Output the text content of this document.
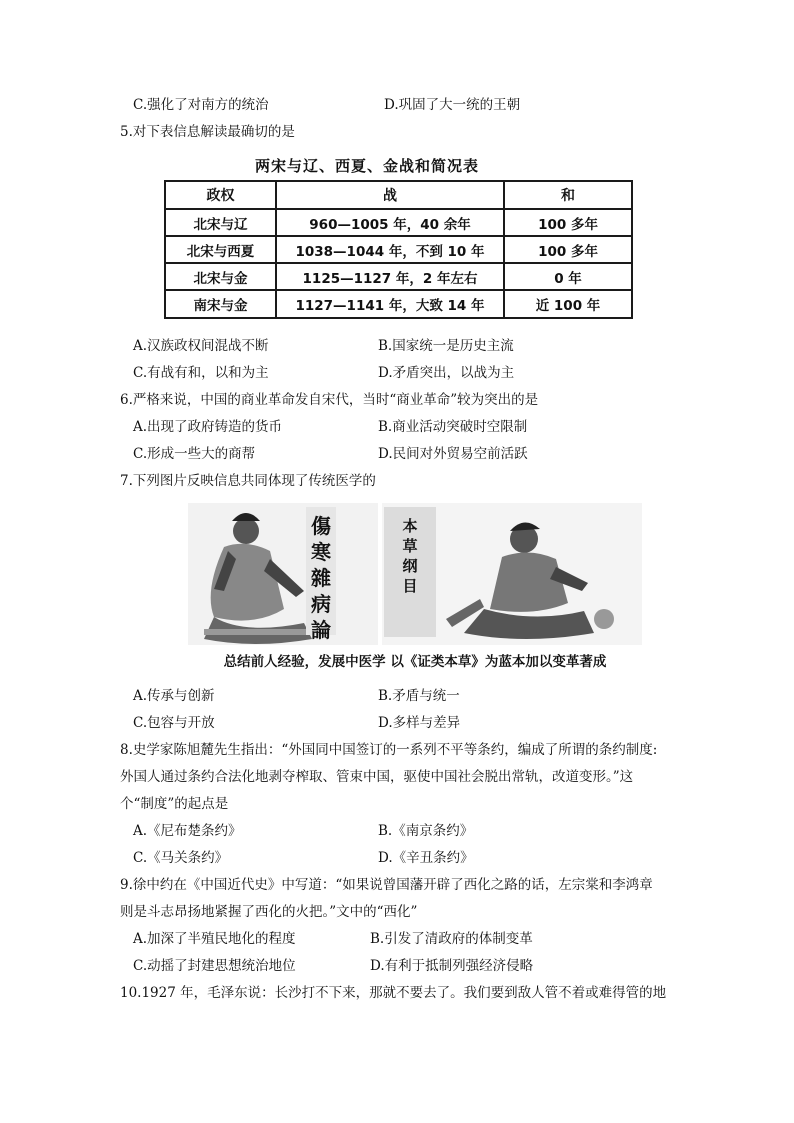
C.强化了对南方的统治	D.巩固了大一统的王朝
5.对下表信息解读最确切的是
两宋与辽、西夏、金战和简况表
政权	战	和
北宋与辽	960—1005 年，40 余年	100 多年
北宋与西夏	1038—1044 年，不到 10 年	100 多年
北宋与金	1125—1127 年，2 年左右	0 年
南宋与金	1127—1141 年，大致 14 年	近 100 年
A.汉族政权间混战不断	B.国家统一是历史主流
C.有战有和，以和为主	D.矛盾突出，以战为主
6.严格来说，中国的商业革命发自宋代，当时“商业革命”较为突出的是
A.出现了政府铸造的货币	B.商业活动突破时空限制
C.形成一些大的商帮	D.民间对外贸易空前活跃
7.下列图片反映信息共同体现了传统医学的
傷
寒
雜
病
論
本
草
纲
目
总结前人经验，发展中医学 以《证类本草》为蓝本加以变革著成
A.传承与创新	B.矛盾与统一
C.包容与开放	D.多样与差异
8.史学家陈旭麓先生指出：“外国同中国签订的一系列不平等条约，编成了所谓的条约制度:
外国人通过条约合法化地剥夺榨取、管束中国，驱使中国社会脱出常轨，改道变形。”这
个“制度”的起点是
A.《尼布楚条约》	B.《南京条约》
C.《马关条约》	D.《辛丑条约》
9.徐中约在《中国近代史》中写道：“如果说曾国藩开辟了西化之路的话，左宗棠和李鸿章
则是斗志昂扬地紧握了西化的火把。”文中的“西化”
A.加深了半殖民地化的程度	B.引发了清政府的体制变革
C.动摇了封建思想统治地位	D.有利于抵制列强经济侵略
10.1927 年，毛泽东说：长沙打不下来，那就不要去了。我们要到敌人管不着或难得管的地
